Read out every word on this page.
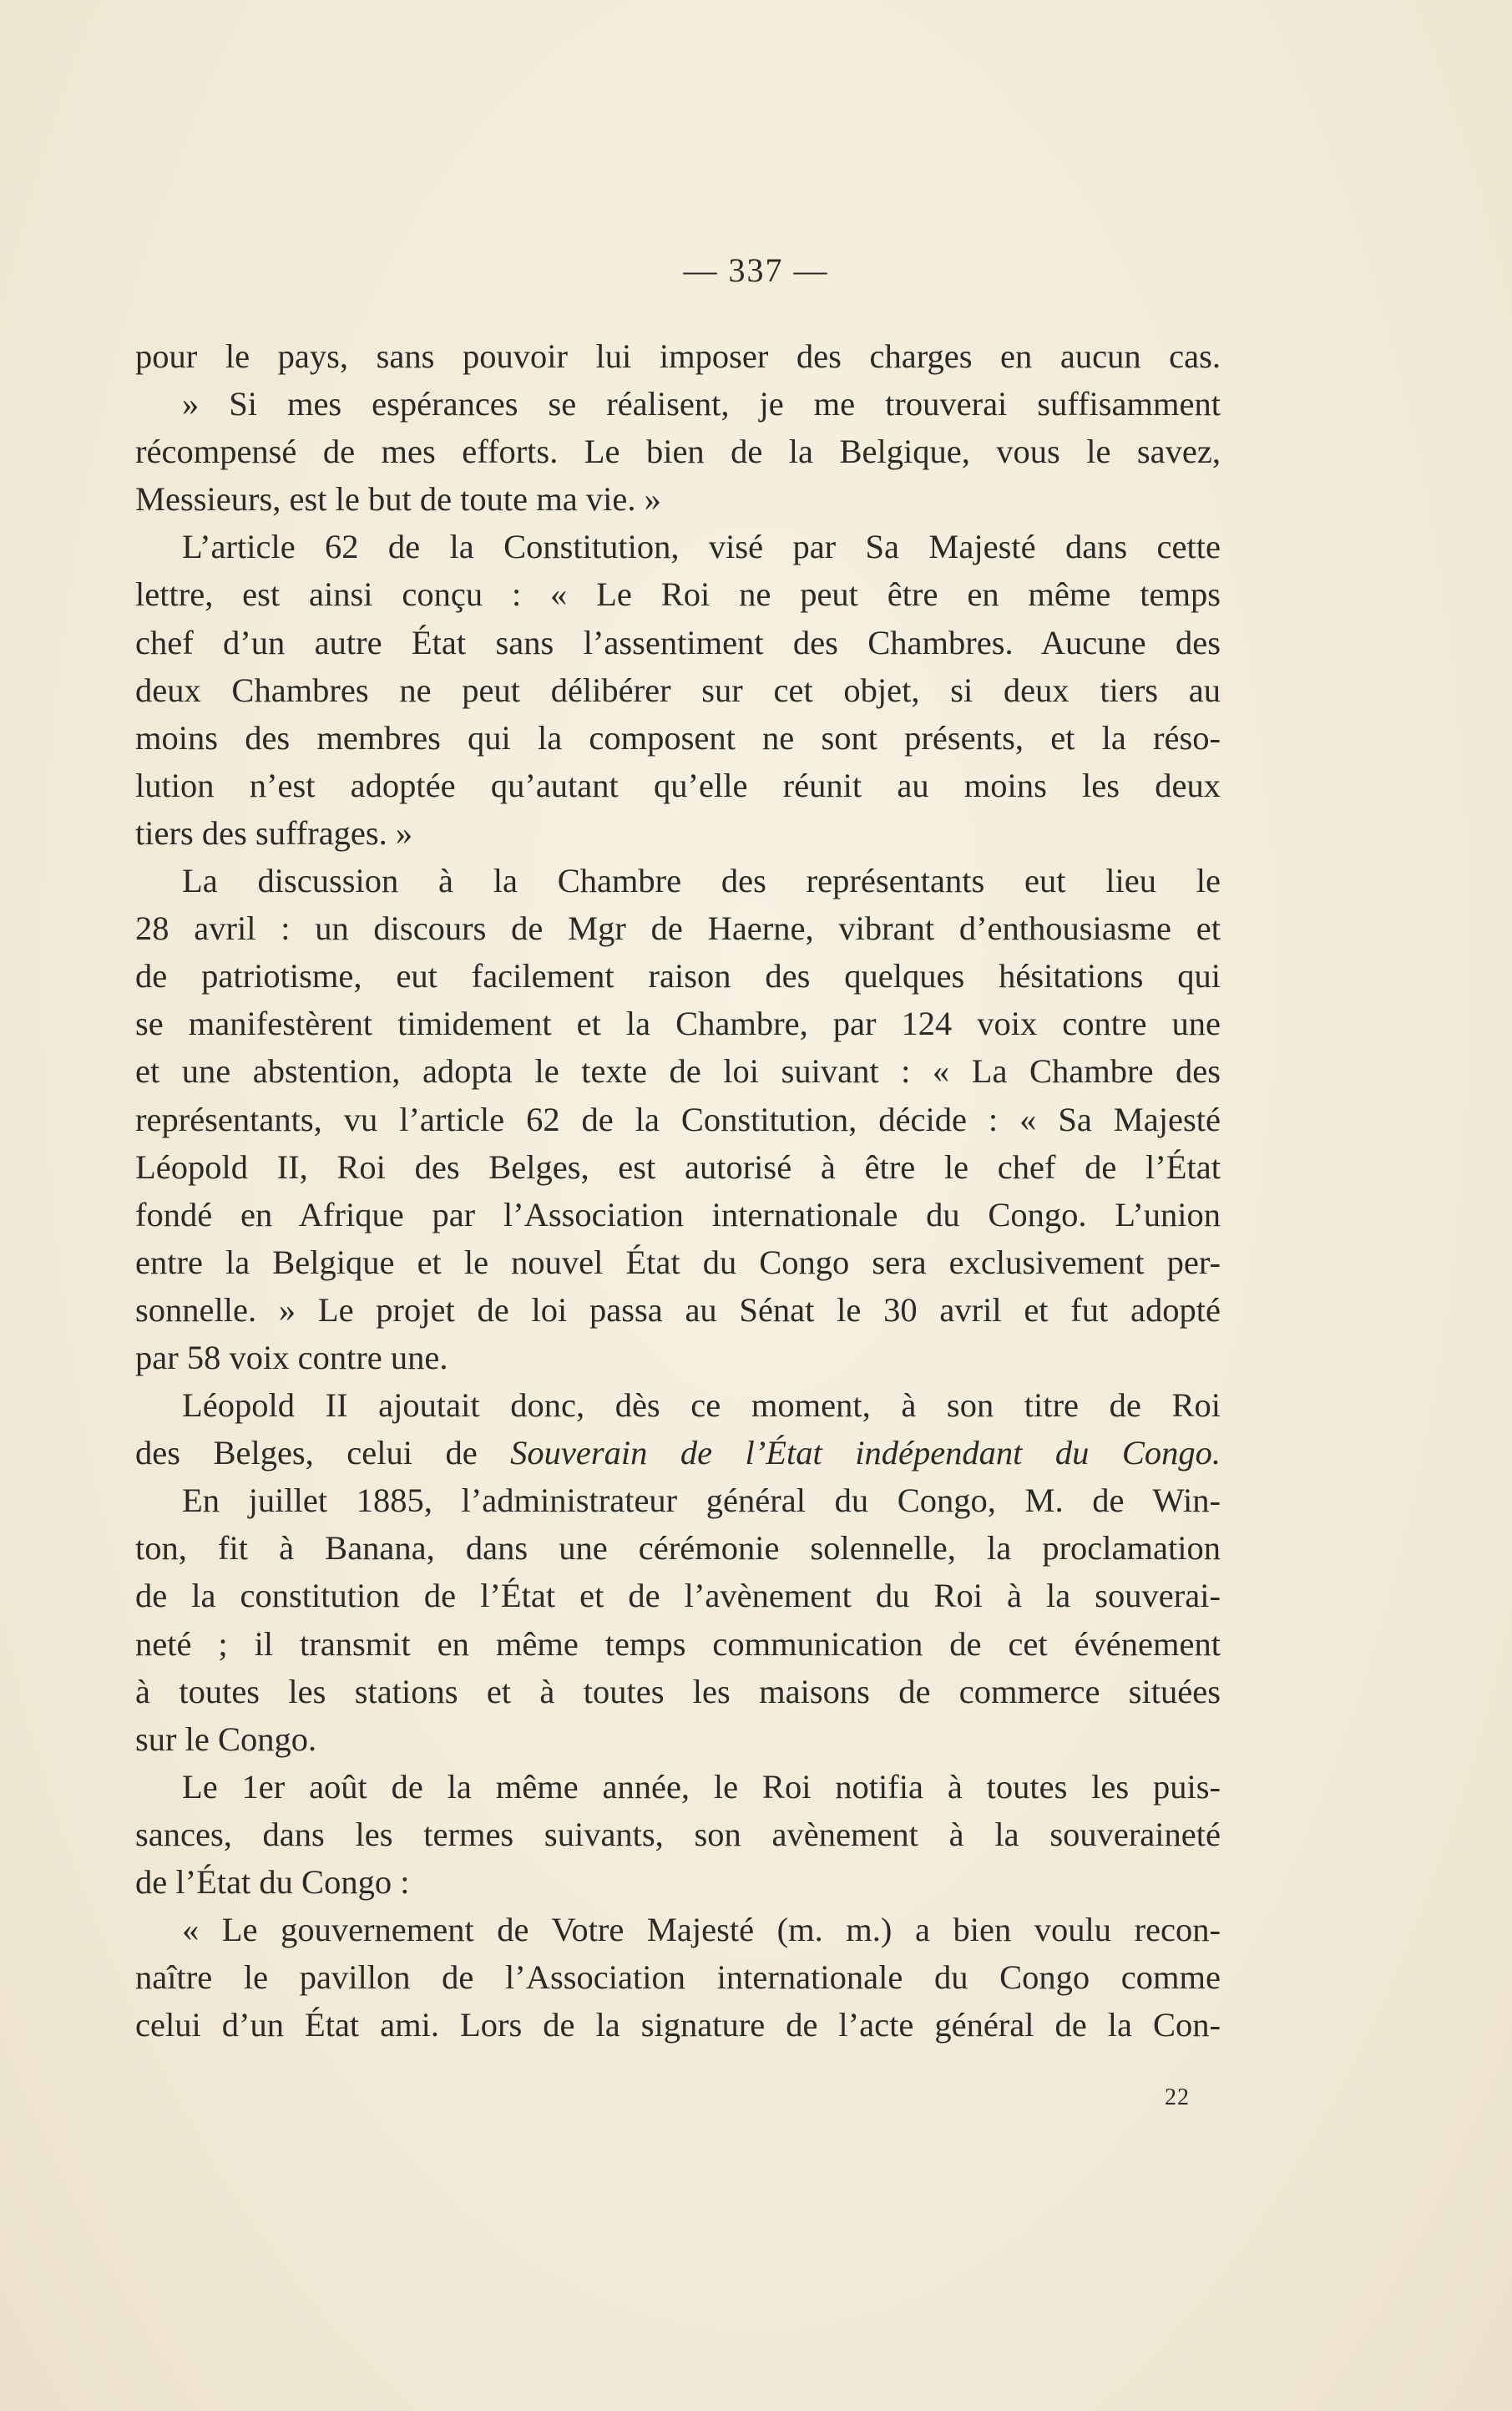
— 337 —
pour le pays, sans pouvoir lui imposer des charges en aucun cas.
» Si mes espérances se réalisent, je me trouverai suffisamment
récompensé de mes efforts. Le bien de la Belgique, vous le savez,
Messieurs, est le but de toute ma vie. »
L’article 62 de la Constitution, visé par Sa Majesté dans cette
lettre, est ainsi conçu : « Le Roi ne peut être en même temps
chef d’un autre État sans l’assentiment des Chambres. Aucune des
deux Chambres ne peut délibérer sur cet objet, si deux tiers au
moins des membres qui la composent ne sont présents, et la réso-
lution n’est adoptée qu’autant qu’elle réunit au moins les deux
tiers des suffrages. »
La discussion à la Chambre des représentants eut lieu le
28 avril : un discours de Mgr de Haerne, vibrant d’enthousiasme et
de patriotisme, eut facilement raison des quelques hésitations qui
se manifestèrent timidement et la Chambre, par 124 voix contre une
et une abstention, adopta le texte de loi suivant : « La Chambre des
représentants, vu l’article 62 de la Constitution, décide : « Sa Majesté
Léopold II, Roi des Belges, est autorisé à être le chef de l’État
fondé en Afrique par l’Association internationale du Congo. L’union
entre la Belgique et le nouvel État du Congo sera exclusivement per-
sonnelle. » Le projet de loi passa au Sénat le 30 avril et fut adopté
par 58 voix contre une.
Léopold II ajoutait donc, dès ce moment, à son titre de Roi
des Belges, celui de Souverain de l’État indépendant du Congo.
En juillet 1885, l’administrateur général du Congo, M. de Win-
ton, fit à Banana, dans une cérémonie solennelle, la proclamation
de la constitution de l’État et de l’avènement du Roi à la souverai-
neté ; il transmit en même temps communication de cet événement
à toutes les stations et à toutes les maisons de commerce situées
sur le Congo.
Le 1er août de la même année, le Roi notifia à toutes les puis-
sances, dans les termes suivants, son avènement à la souveraineté
de l’État du Congo :
« Le gouvernement de Votre Majesté (m. m.) a bien voulu recon-
naître le pavillon de l’Association internationale du Congo comme
celui d’un État ami. Lors de la signature de l’acte général de la Con-
22
